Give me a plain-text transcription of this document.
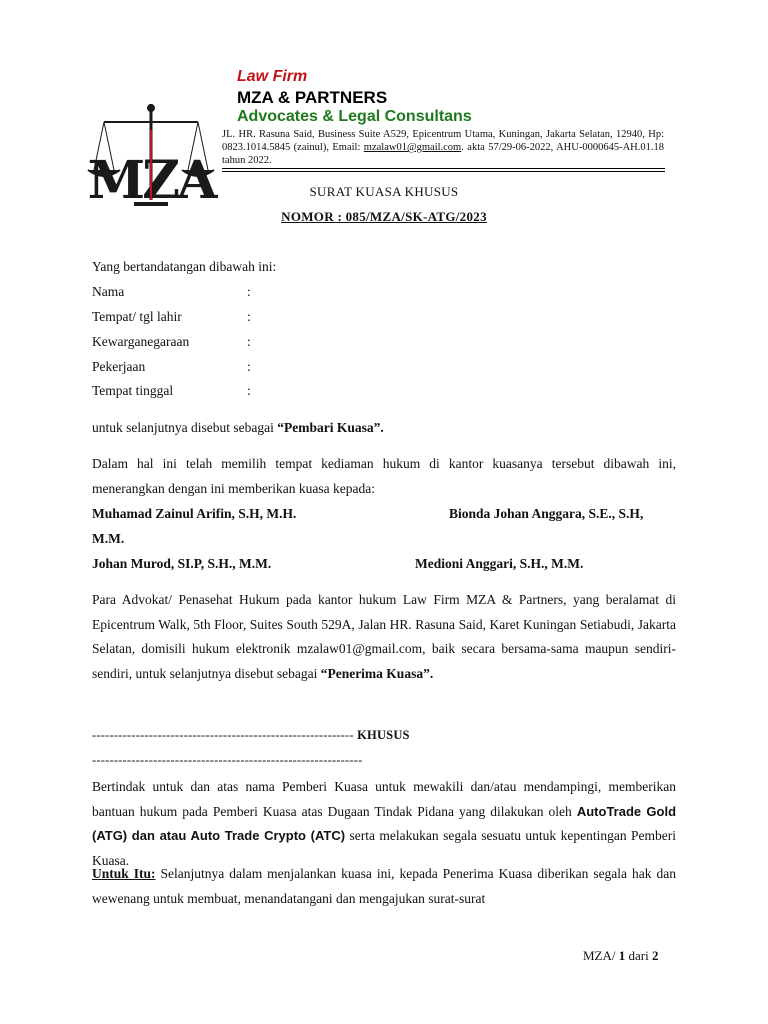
MZA
Law Firm
MZA & PARTNERS
Advocates & Legal Consultans
JL. HR. Rasuna Said, Business Suite A529, Epicentrum Utama, Kuningan, Jakarta Selatan, 12940, Hp: 0823.1014.5845 (zainul), Email: mzalaw01@gmail.com. akta 57/29-06-2022, AHU-0000645-AH.01.18 tahun 2022.
SURAT KUASA KHUSUS
NOMOR : 085/MZA/SK-ATG/2023
Yang bertandatangan dibawah ini:
Nama	:
Tempat/ tgl lahir	:
Kewarganegaraan	:
Pekerjaan	:
Tempat tinggal	:
untuk selanjutnya disebut sebagai “Pembari Kuasa”.
Dalam hal ini telah memilih tempat kediaman hukum di kantor kuasanya tersebut dibawah ini, menerangkan dengan ini memberikan kuasa kepada:
Muhamad Zainul Arifin, S.H, M.H.	Bionda Johan Anggara, S.E., S.H,
M.M.
Johan Murod, SI.P, S.H., M.M.	Medioni Anggari, S.H., M.M.
Para Advokat/ Penasehat Hukum pada kantor hukum Law Firm MZA & Partners, yang beralamat di Epicentrum Walk, 5th Floor, Suites South 529A, Jalan HR. Rasuna Said, Karet Kuningan Setiabudi, Jakarta Selatan, domisili hukum elektronik mzalaw01@gmail.com, baik secara bersama-sama maupun sendiri-sendiri, untuk selanjutnya disebut sebagai “Penerima Kuasa”.
------------------------------------------------------------ KHUSUS
--------------------------------------------------------------
Bertindak untuk dan atas nama Pemberi Kuasa untuk mewakili dan/atau mendampingi, memberikan bantuan hukum pada Pemberi Kuasa atas Dugaan Tindak Pidana yang dilakukan oleh AutoTrade Gold (ATG) dan atau Auto Trade Crypto (ATC) serta melakukan segala sesuatu untuk kepentingan Pemberi Kuasa.
Untuk Itu: Selanjutnya dalam menjalankan kuasa ini, kepada Penerima Kuasa diberikan segala hak dan wewenang untuk membuat, menandatangani dan mengajukan surat-surat
MZA/ 1 dari 2
